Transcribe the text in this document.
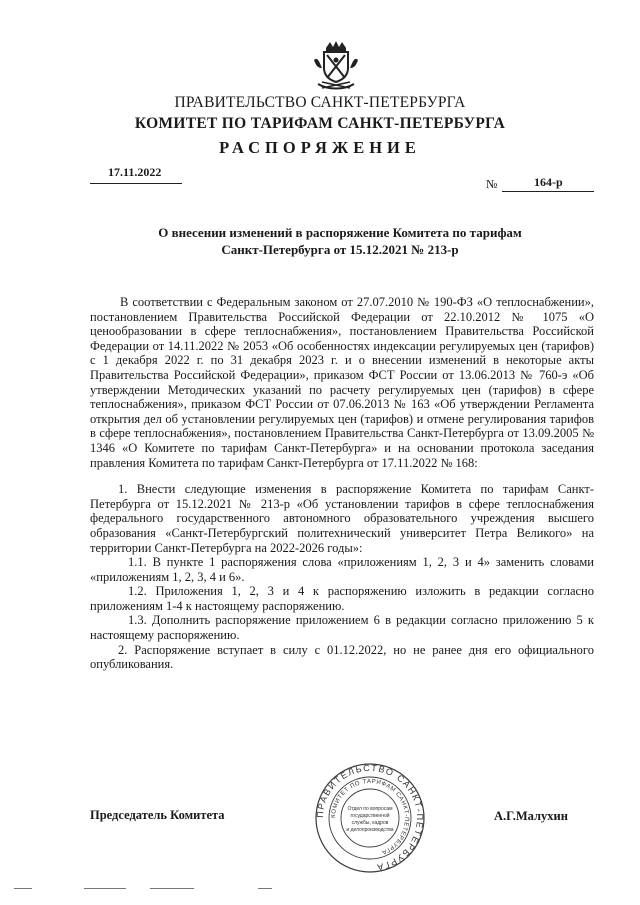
ПРАВИТЕЛЬСТВО САНКТ-ПЕТЕРБУРГА
КОМИТЕТ ПО ТАРИФАМ САНКТ-ПЕТЕРБУРГА
РАСПОРЯЖЕНИЕ
17.11.2022
№	164-р
О внесении изменений в распоряжение Комитета по тарифам
Санкт-Петербурга от 15.12.2021 № 213-р

В соответствии с Федеральным законом от 27.07.2010 № 190-ФЗ «О теплоснабжении», постановлением Правительства Российской Федерации от 22.10.2012 № 1075 «О ценообразовании в сфере теплоснабжения», постановлением Правительства Российской Федерации от 14.11.2022 № 2053 «Об особенностях индексации регулируемых цен (тарифов) с 1 декабря 2022 г. по 31 декабря 2023 г. и о внесении изменений в некоторые акты Правительства Российской Федерации», приказом ФСТ России от 13.06.2013 № 760-э «Об утверждении Методических указаний по расчету регулируемых цен (тарифов) в сфере теплоснабжения», приказом ФСТ России от 07.06.2013 № 163 «Об утверждении Регламента открытия дел об установлении регулируемых цен (тарифов) и отмене регулирования тарифов в сфере теплоснабжения», постановлением Правительства Санкт-Петербурга от 13.09.2005 № 1346 «О Комитете по тарифам Санкт-Петербурга» и на основании протокола заседания правления Комитета по тарифам Санкт-Петербурга от 17.11.2022 № 168:

1. Внести следующие изменения в распоряжение Комитета по тарифам Санкт-Петербурга от 15.12.2021 № 213-р «Об установлении тарифов в сфере теплоснабжения федерального государственного автономного образовательного учреждения высшего образования «Санкт-Петербургский политехнический университет Петра Великого» на территории Санкт-Петербурга на 2022-2026 годы»:

1.1. В пункте 1 распоряжения слова «приложениям 1, 2, 3 и 4» заменить словами «приложениям 1, 2, 3, 4 и 6».

1.2. Приложения 1, 2, 3 и 4 к распоряжению изложить в редакции согласно приложениям 1-4 к настоящему распоряжению.

1.3. Дополнить распоряжение приложением 6 в редакции согласно приложению 5 к настоящему распоряжению.

2. Распоряжение вступает в силу с 01.12.2022, но не ранее дня его официального опубликования.

Председатель Комитета	А.Г.Малухин
ПРАВИТЕЛЬСТВО САНКТ-ПЕТЕРБУРГА
КОМИТЕТ ПО ТАРИФАМ САНКТ-ПЕТЕРБУРГА
Отдел по вопросам
государственной
службы, кадров
и делопроизводства
